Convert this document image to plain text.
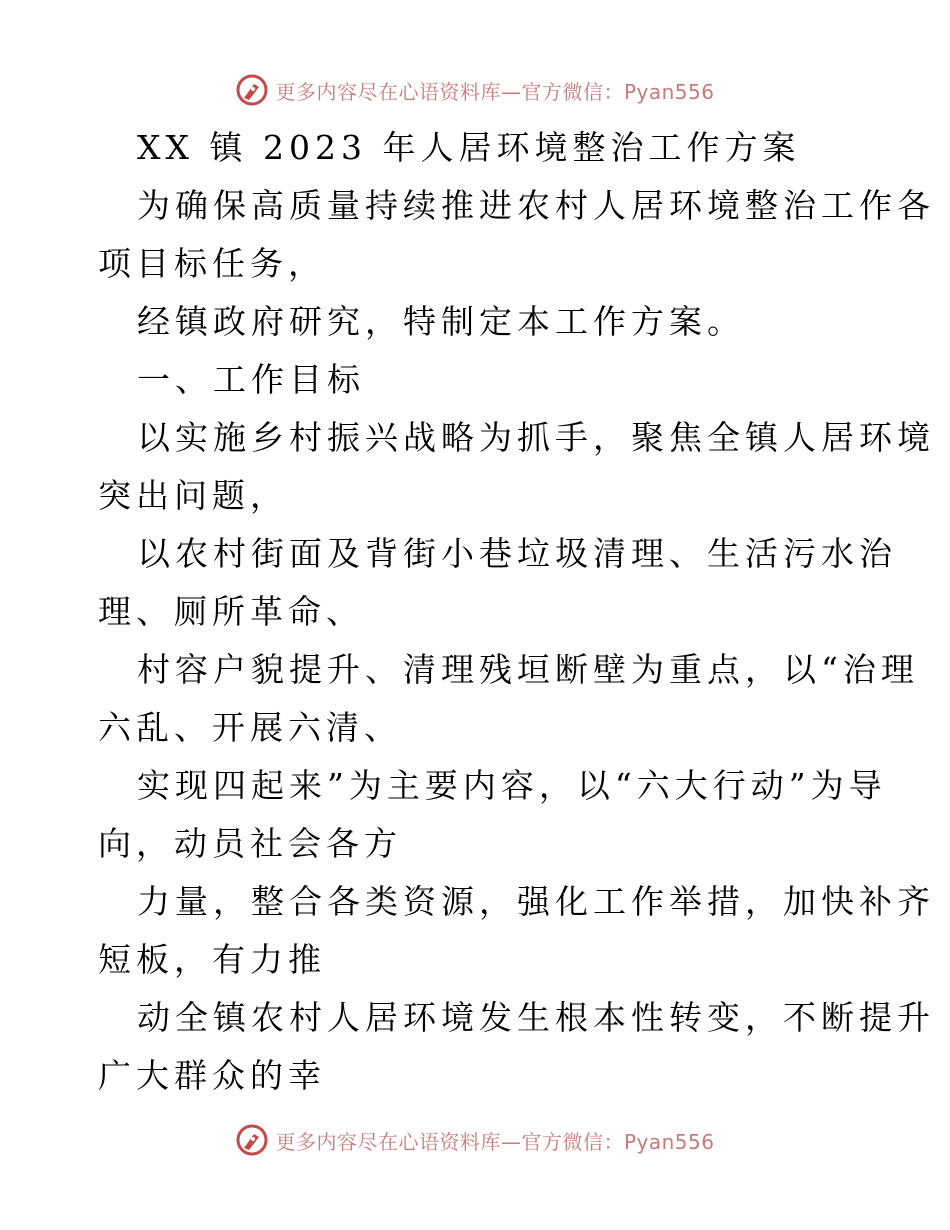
更多内容尽在心语资料库—官方微信：Pyan556
XX 镇 2023 年人居环境整治工作方案
为确保高质量持续推进农村人居环境整治工作各
项目标任务，
经镇政府研究，特制定本工作方案。
一、工作目标
以实施乡村振兴战略为抓手，聚焦全镇人居环境
突出问题，
以农村街面及背街小巷垃圾清理、生活污水治
理、厕所革命、
村容户貌提升、清理残垣断壁为重点，以“治理
六乱、开展六清、
实现四起来”为主要内容，以“六大行动”为导
向，动员社会各方
力量，整合各类资源，强化工作举措，加快补齐
短板，有力推
动全镇农村人居环境发生根本性转变，不断提升
广大群众的幸
更多内容尽在心语资料库—官方微信：Pyan556
